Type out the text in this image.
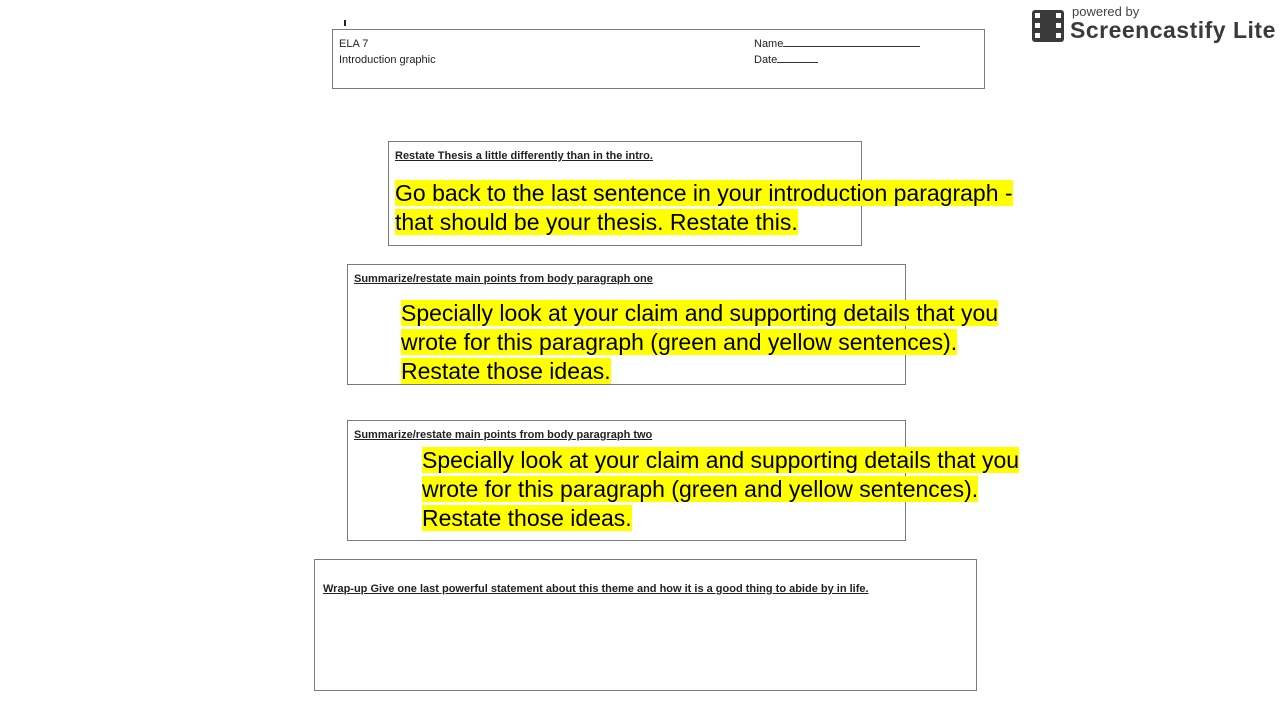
powered by
Screencastify Lite
ELA 7
Introduction graphic
Name
Date
Restate Thesis a little differently than in the intro.
Go back to the last sentence in your introduction paragraph -
that should be your thesis. Restate this.
Summarize/restate main points from body paragraph one
Specially look at your claim and supporting details that you
wrote for this paragraph (green and yellow sentences).
Restate those ideas.
Summarize/restate main points from body paragraph two
Specially look at your claim and supporting details that you
wrote for this paragraph (green and yellow sentences).
Restate those ideas.
Wrap-up Give one last powerful statement about this theme and how it is a good thing to abide by in life.
